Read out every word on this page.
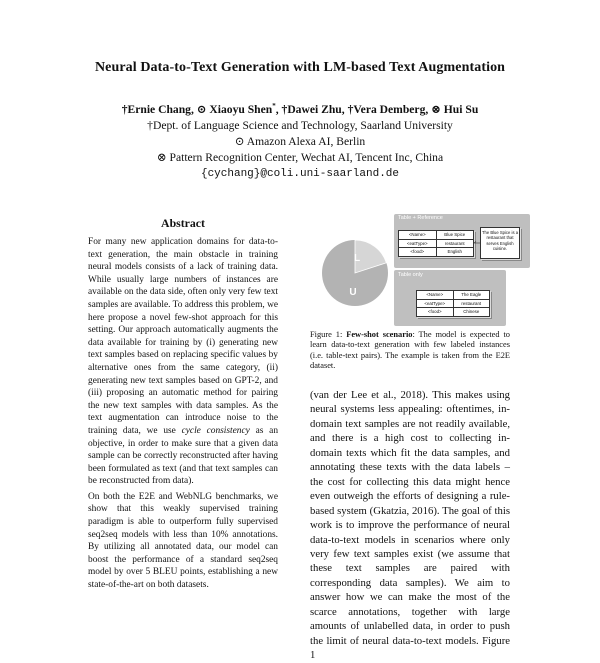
Neural Data-to-Text Generation with LM-based Text Augmentation
†Ernie Chang, ⊙ Xiaoyu Shen*, †Dawei Zhu, †Vera Demberg, ⊗ Hui Su
†Dept. of Language Science and Technology, Saarland University
⊙ Amazon Alexa AI, Berlin
⊗ Pattern Recognition Center, Wechat AI, Tencent Inc, China
{cychang}@coli.uni-saarland.de
Abstract

For many new application domains for data-to-text generation, the main obstacle in training neural models consists of a lack of training data. While usually large numbers of instances are available on the data side, often only very few text samples are available. To address this problem, we here propose a novel few-shot approach for this setting. Our approach automatically augments the data available for training by (i) generating new text samples based on replacing specific values by alternative ones from the same category, (ii) generating new text samples based on GPT-2, and (iii) proposing an automatic method for pairing the new text samples with data samples. As the text augmentation can introduce noise to the training data, we use cycle consistency as an objective, in order to make sure that a given data sample can be correctly reconstructed after having been formulated as text (and that text samples can be reconstructed from data).

On both the E2E and WebNLG benchmarks, we show that this weakly supervised training paradigm is able to outperform fully supervised seq2seq models with less than 10% annotations. By utilizing all annotated data, our model can boost the performance of a standard seq2seq model by over 5 BLEU points, establishing a new state-of-the-art on both datasets.

L
U
Table + Reference
<Name>	Blue Spice
<eatType>	restaurant
<food>	English
The Blue Spice is a restaurant that serves English cuisine.
Table only
<Name>	The Eagle
<eatType>	restaurant
<food>	Chinese
Figure 1: Few-shot scenario: The model is expected to learn data-to-text generation with few labeled instances (i.e. table-text pairs). The example is taken from the E2E dataset.
(van der Lee et al., 2018). This makes using neural systems less appealing: oftentimes, in-domain text samples are not readily available, and there is a high cost to collecting in-domain texts which fit the data samples, and annotating these texts with the data labels – the cost for collecting this data might hence even outweigh the efforts of designing a rule-based system (Gkatzia, 2016). The goal of this work is to improve the performance of neural data-to-text models in scenarios where only very few text samples exist (we assume that these text samples are paired with corresponding data samples). We aim to answer how we can make the most of the scarce annotations, together with large amounts of unlabelled data, in order to push the limit of neural data-to-text models. Figure 1
